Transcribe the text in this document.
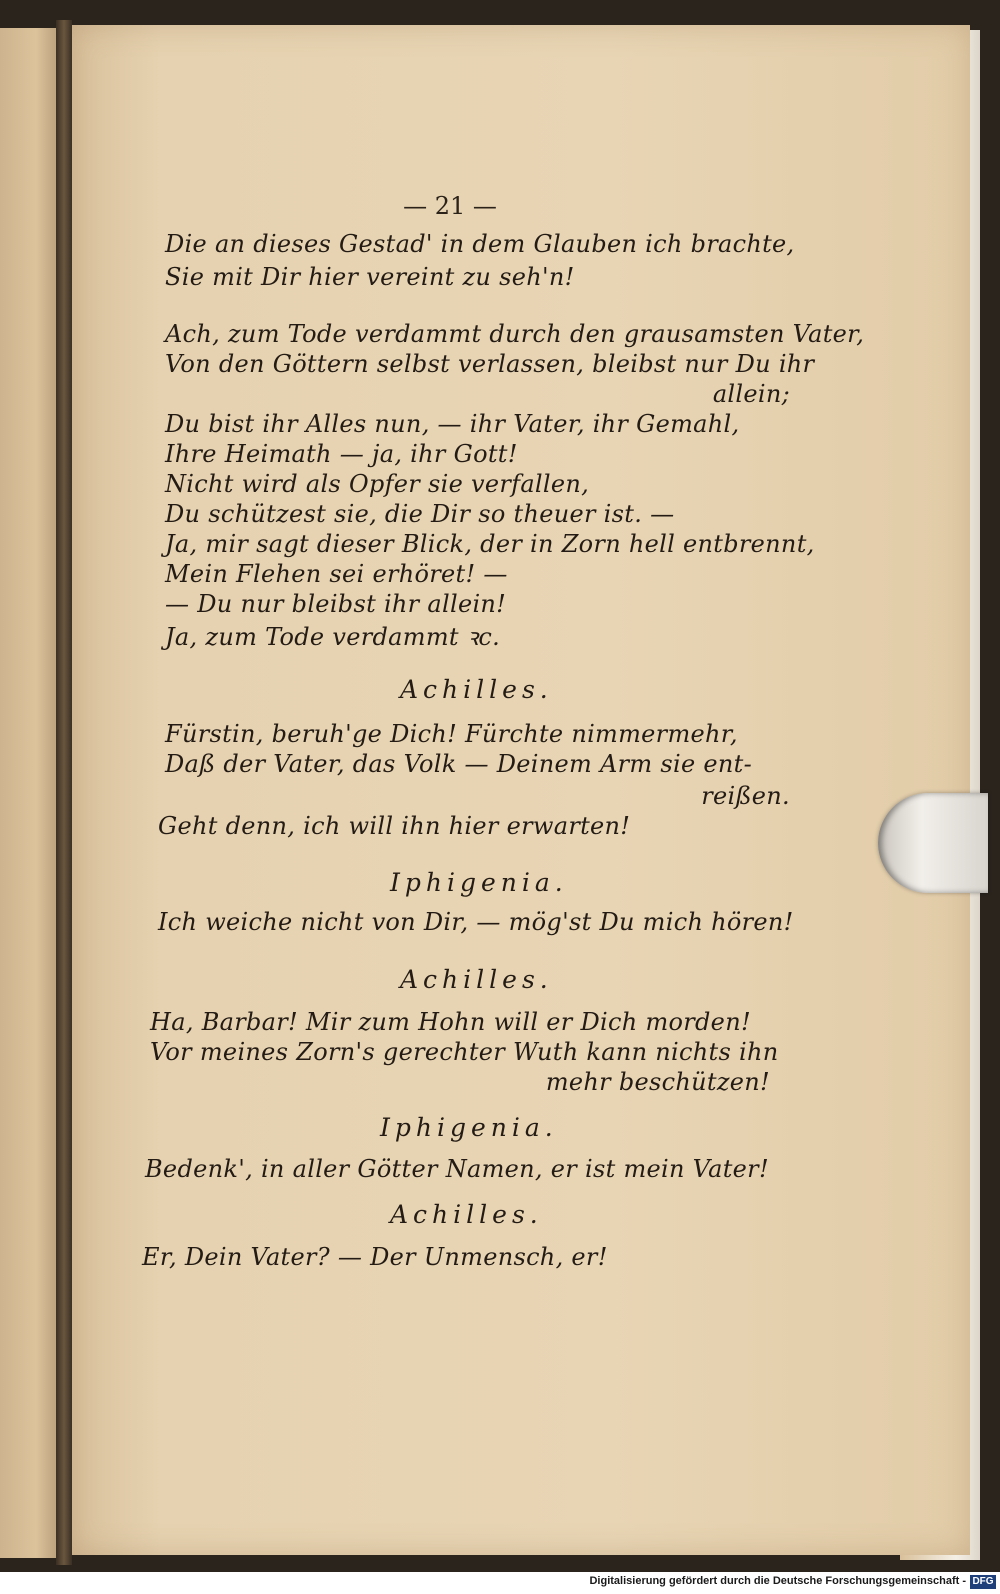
— 21 —
Die an dieses Gestad' in dem Glauben ich brachte,
Sie mit Dir hier vereint zu seh'n!
Ach, zum Tode verdammt durch den grausamsten Vater,
Von den Göttern selbst verlassen, bleibst nur Du ihr
allein;
Du bist ihr Alles nun, — ihr Vater, ihr Gemahl,
Ihre Heimath — ja, ihr Gott!
Nicht wird als Opfer sie verfallen,
Du schützest sie, die Dir so theuer ist. —
Ja, mir sagt dieser Blick, der in Zorn hell entbrennt,
Mein Flehen sei erhöret! —
— Du nur bleibst ihr allein!
Ja, zum Tode verdammt ꝛc.
Achilles.
Fürstin, beruh'ge Dich! Fürchte nimmermehr,
Daß der Vater, das Volk — Deinem Arm sie ent-
reißen.
Geht denn, ich will ihn hier erwarten!
Iphigenia.
Ich weiche nicht von Dir, — mög'st Du mich hören!
Achilles.
Ha, Barbar! Mir zum Hohn will er Dich morden!
Vor meines Zorn's gerechter Wuth kann nichts ihn
mehr beschützen!
Iphigenia.
Bedenk', in aller Götter Namen, er ist mein Vater!
Achilles.
Er, Dein Vater? — Der Unmensch, er!
Digitalisierung gefördert durch die Deutsche Forschungsgemeinschaft - DFG
